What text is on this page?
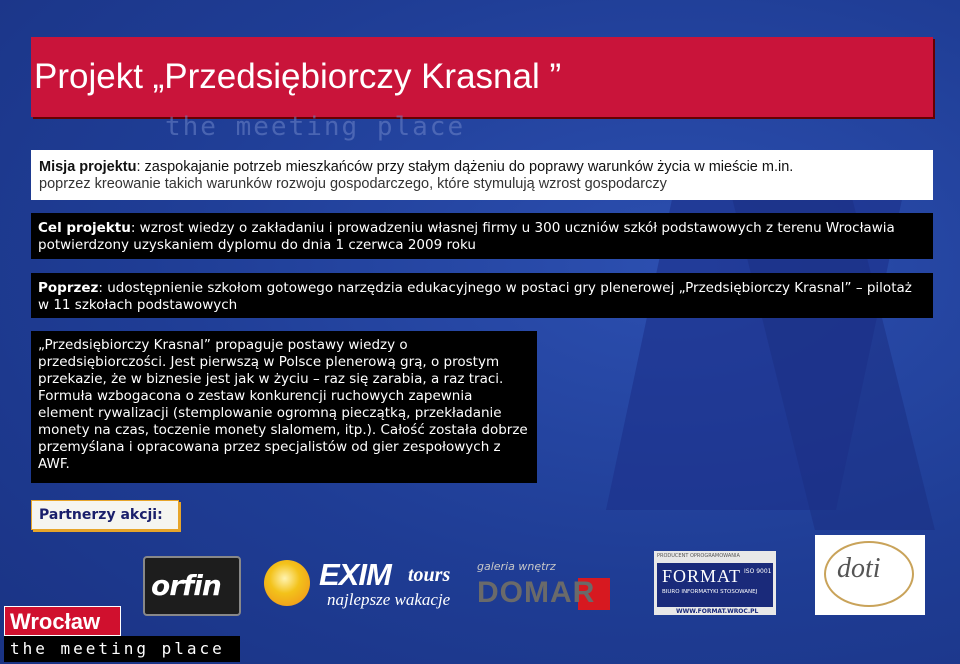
Projekt „Przedsiębiorczy Krasnal ”
the meeting place
Misja projektu: zaspokajanie potrzeb mieszkańców przy stałym dążeniu do poprawy warunków życia w mieście m.in.
poprzez kreowanie takich warunków rozwoju gospodarczego, które stymulują wzrost gospodarczy
Cel projektu: wzrost wiedzy o zakładaniu i prowadzeniu własnej firmy u 300 uczniów szkół podstawowych z terenu Wrocławia potwierdzony uzyskaniem dyplomu do dnia 1 czerwca 2009 roku
Poprzez: udostępnienie szkołom gotowego narzędzia edukacyjnego w postaci gry plenerowej „Przedsiębiorczy Krasnal” – pilotaż w 11 szkołach podstawowych
„Przedsiębiorczy Krasnal” propaguje postawy wiedzy o przedsiębiorczości. Jest pierwszą w Polsce plenerową grą, o prostym przekazie, że w biznesie jest jak w życiu – raz się zarabia, a raz traci. Formuła wzbogacona o zestaw konkurencji ruchowych zapewnia element rywalizacji (stemplowanie ogromną pieczątką, przekładanie monety na czas, toczenie monety slalomem, itp.). Całość została dobrze przemyślana i opracowana przez specjalistów od gier zespołowych z AWF.
Partnerzy akcji:
orfin	EXIM tours
najlepsze wakacje
galeria wnętrz
DOMAR
PRODUCENT OPROGRAMOWANIA
FORMAT ISO 9001
BIURO INFORMATYKI STOSOWANEJ
WWW.FORMAT.WROC.PL
doti
Wrocław
the meeting place
